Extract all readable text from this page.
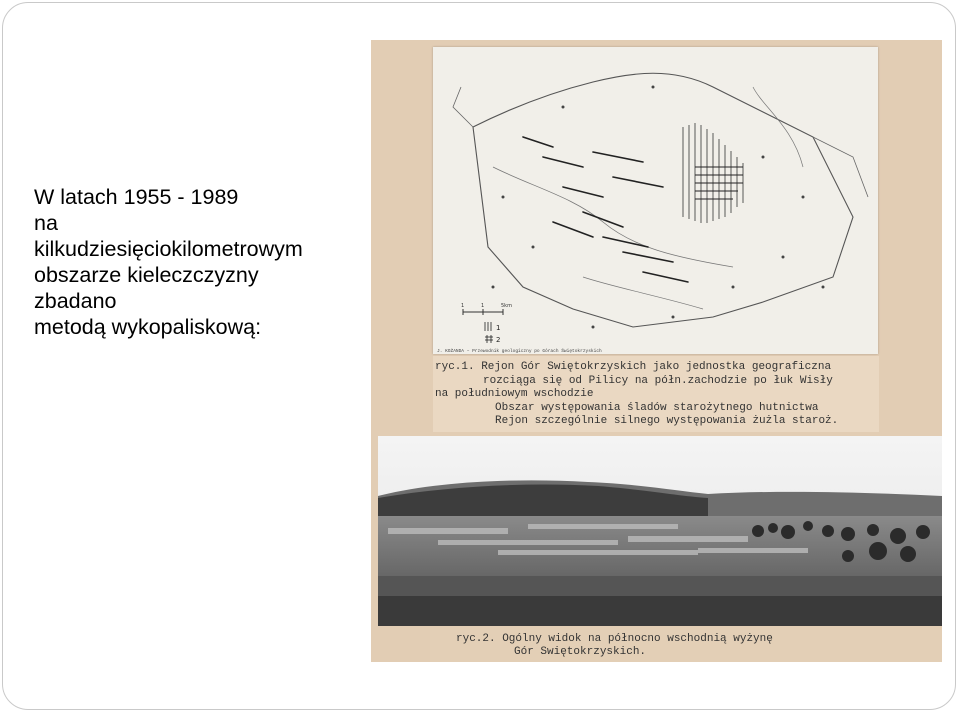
W latach 1955 - 1989
na
kilkudziesięciokilometrowym
obszarze kieleczczyzny
zbadano
metodą wykopaliskową:
1	1	5km
1
2
J. KOŻANDA – Przewodnik geologiczny po Górach Świętokrzyskich
ryc.1. Rejon Gór Swiętokrzyskich jako jednostka geograficzna
rozciąga się od Pilicy na półn.zachodzie po łuk Wisły
na południowym wschodzie
Obszar występowania śladów starożytnego hutnictwa
Rejon szczególnie silnego występowania żużla staroż.
ryc.2. Ogólny widok na północno wschodnią wyżynę
Gór Swiętokrzyskich.
